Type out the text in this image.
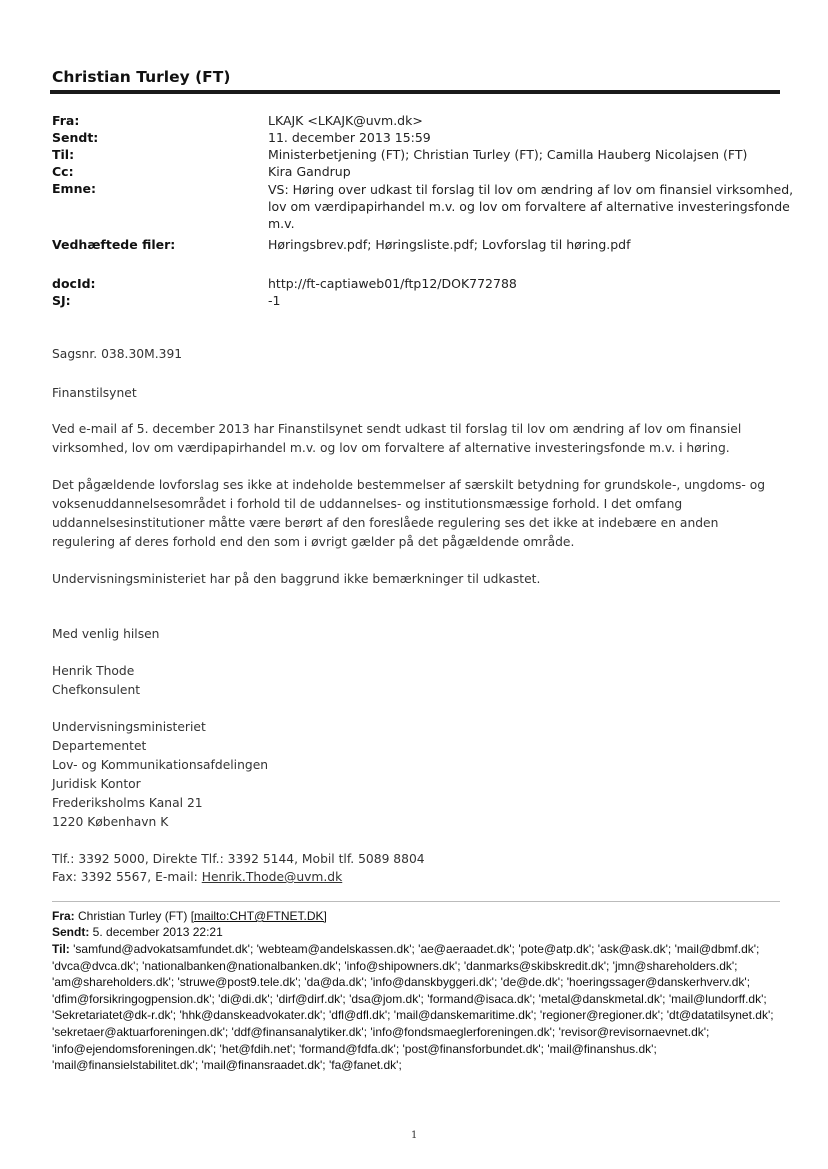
Christian Turley (FT)
Fra:	LKAJK <LKAJK@uvm.dk>
Sendt:	11. december 2013 15:59
Til:	Ministerbetjening (FT); Christian Turley (FT); Camilla Hauberg Nicolajsen (FT)
Cc:	Kira Gandrup
Emne:	VS: Høring over udkast til forslag til lov om ændring af lov om finansiel virksomhed, lov om værdipapirhandel m.v. og lov om forvaltere af alternative investeringsfonde m.v.
Vedhæftede filer:	Høringsbrev.pdf; Høringsliste.pdf; Lovforslag til høring.pdf
docId:	http://ft-captiaweb01/ftp12/DOK772788
SJ:	-1
Sagsnr. 038.30M.391
Finanstilsynet
Ved e-mail af 5. december 2013 har Finanstilsynet sendt udkast til forslag til lov om ændring af lov om finansiel virksomhed, lov om værdipapirhandel m.v. og lov om forvaltere af alternative investeringsfonde m.v. i høring.
Det pågældende lovforslag ses ikke at indeholde bestemmelser af særskilt betydning for grundskole-, ungdoms- og voksenuddannelsesområdet i forhold til de uddannelses- og institutionsmæssige forhold. I det omfang uddannelsesinstitutioner måtte være berørt af den foreslåede regulering ses det ikke at indebære en anden regulering af deres forhold end den som i øvrigt gælder på det pågældende område.
Undervisningsministeriet har på den baggrund ikke bemærkninger til udkastet.
Med venlig hilsen
Henrik Thode
Chefkonsulent
Undervisningsministeriet
Departementet
Lov- og Kommunikationsafdelingen
Juridisk Kontor
Frederiksholms Kanal 21
1220 København K
Tlf.: 3392 5000, Direkte Tlf.: 3392 5144, Mobil tlf. 5089 8804
Fax: 3392 5567, E-mail: Henrik.Thode@uvm.dk
Fra: Christian Turley (FT) [mailto:CHT@FTNET.DK]
Sendt: 5. december 2013 22:21
Til: 'samfund@advokatsamfundet.dk'; 'webteam@andelskassen.dk'; 'ae@aeraadet.dk'; 'pote@atp.dk'; 'ask@ask.dk'; 'mail@dbmf.dk'; 'dvca@dvca.dk'; 'nationalbanken@nationalbanken.dk'; 'info@shipowners.dk'; 'danmarks@skibskredit.dk'; 'jmn@shareholders.dk'; 'am@shareholders.dk'; 'struwe@post9.tele.dk'; 'da@da.dk'; 'info@danskbyggeri.dk'; 'de@de.dk'; 'hoeringssager@danskerhverv.dk'; 'dfim@forsikringogpension.dk'; 'di@di.dk'; 'dirf@dirf.dk'; 'dsa@jom.dk'; 'formand@isaca.dk'; 'metal@danskmetal.dk'; 'mail@lundorff.dk'; 'Sekretariatet@dk-r.dk'; 'hhk@danskeadvokater.dk'; 'dfl@dfl.dk'; 'mail@danskemaritime.dk'; 'regioner@regioner.dk'; 'dt@datatilsynet.dk'; 'sekretaer@aktuarforeningen.dk'; 'ddf@finansanalytiker.dk'; 'info@fondsmaeglerforeningen.dk'; 'revisor@revisornaevnet.dk'; 'info@ejendomsforeningen.dk'; 'het@fdih.net'; 'formand@fdfa.dk'; 'post@finansforbundet.dk'; 'mail@finanshus.dk'; 'mail@finansielstabilitet.dk'; 'mail@finansraadet.dk'; 'fa@fanet.dk';
1
